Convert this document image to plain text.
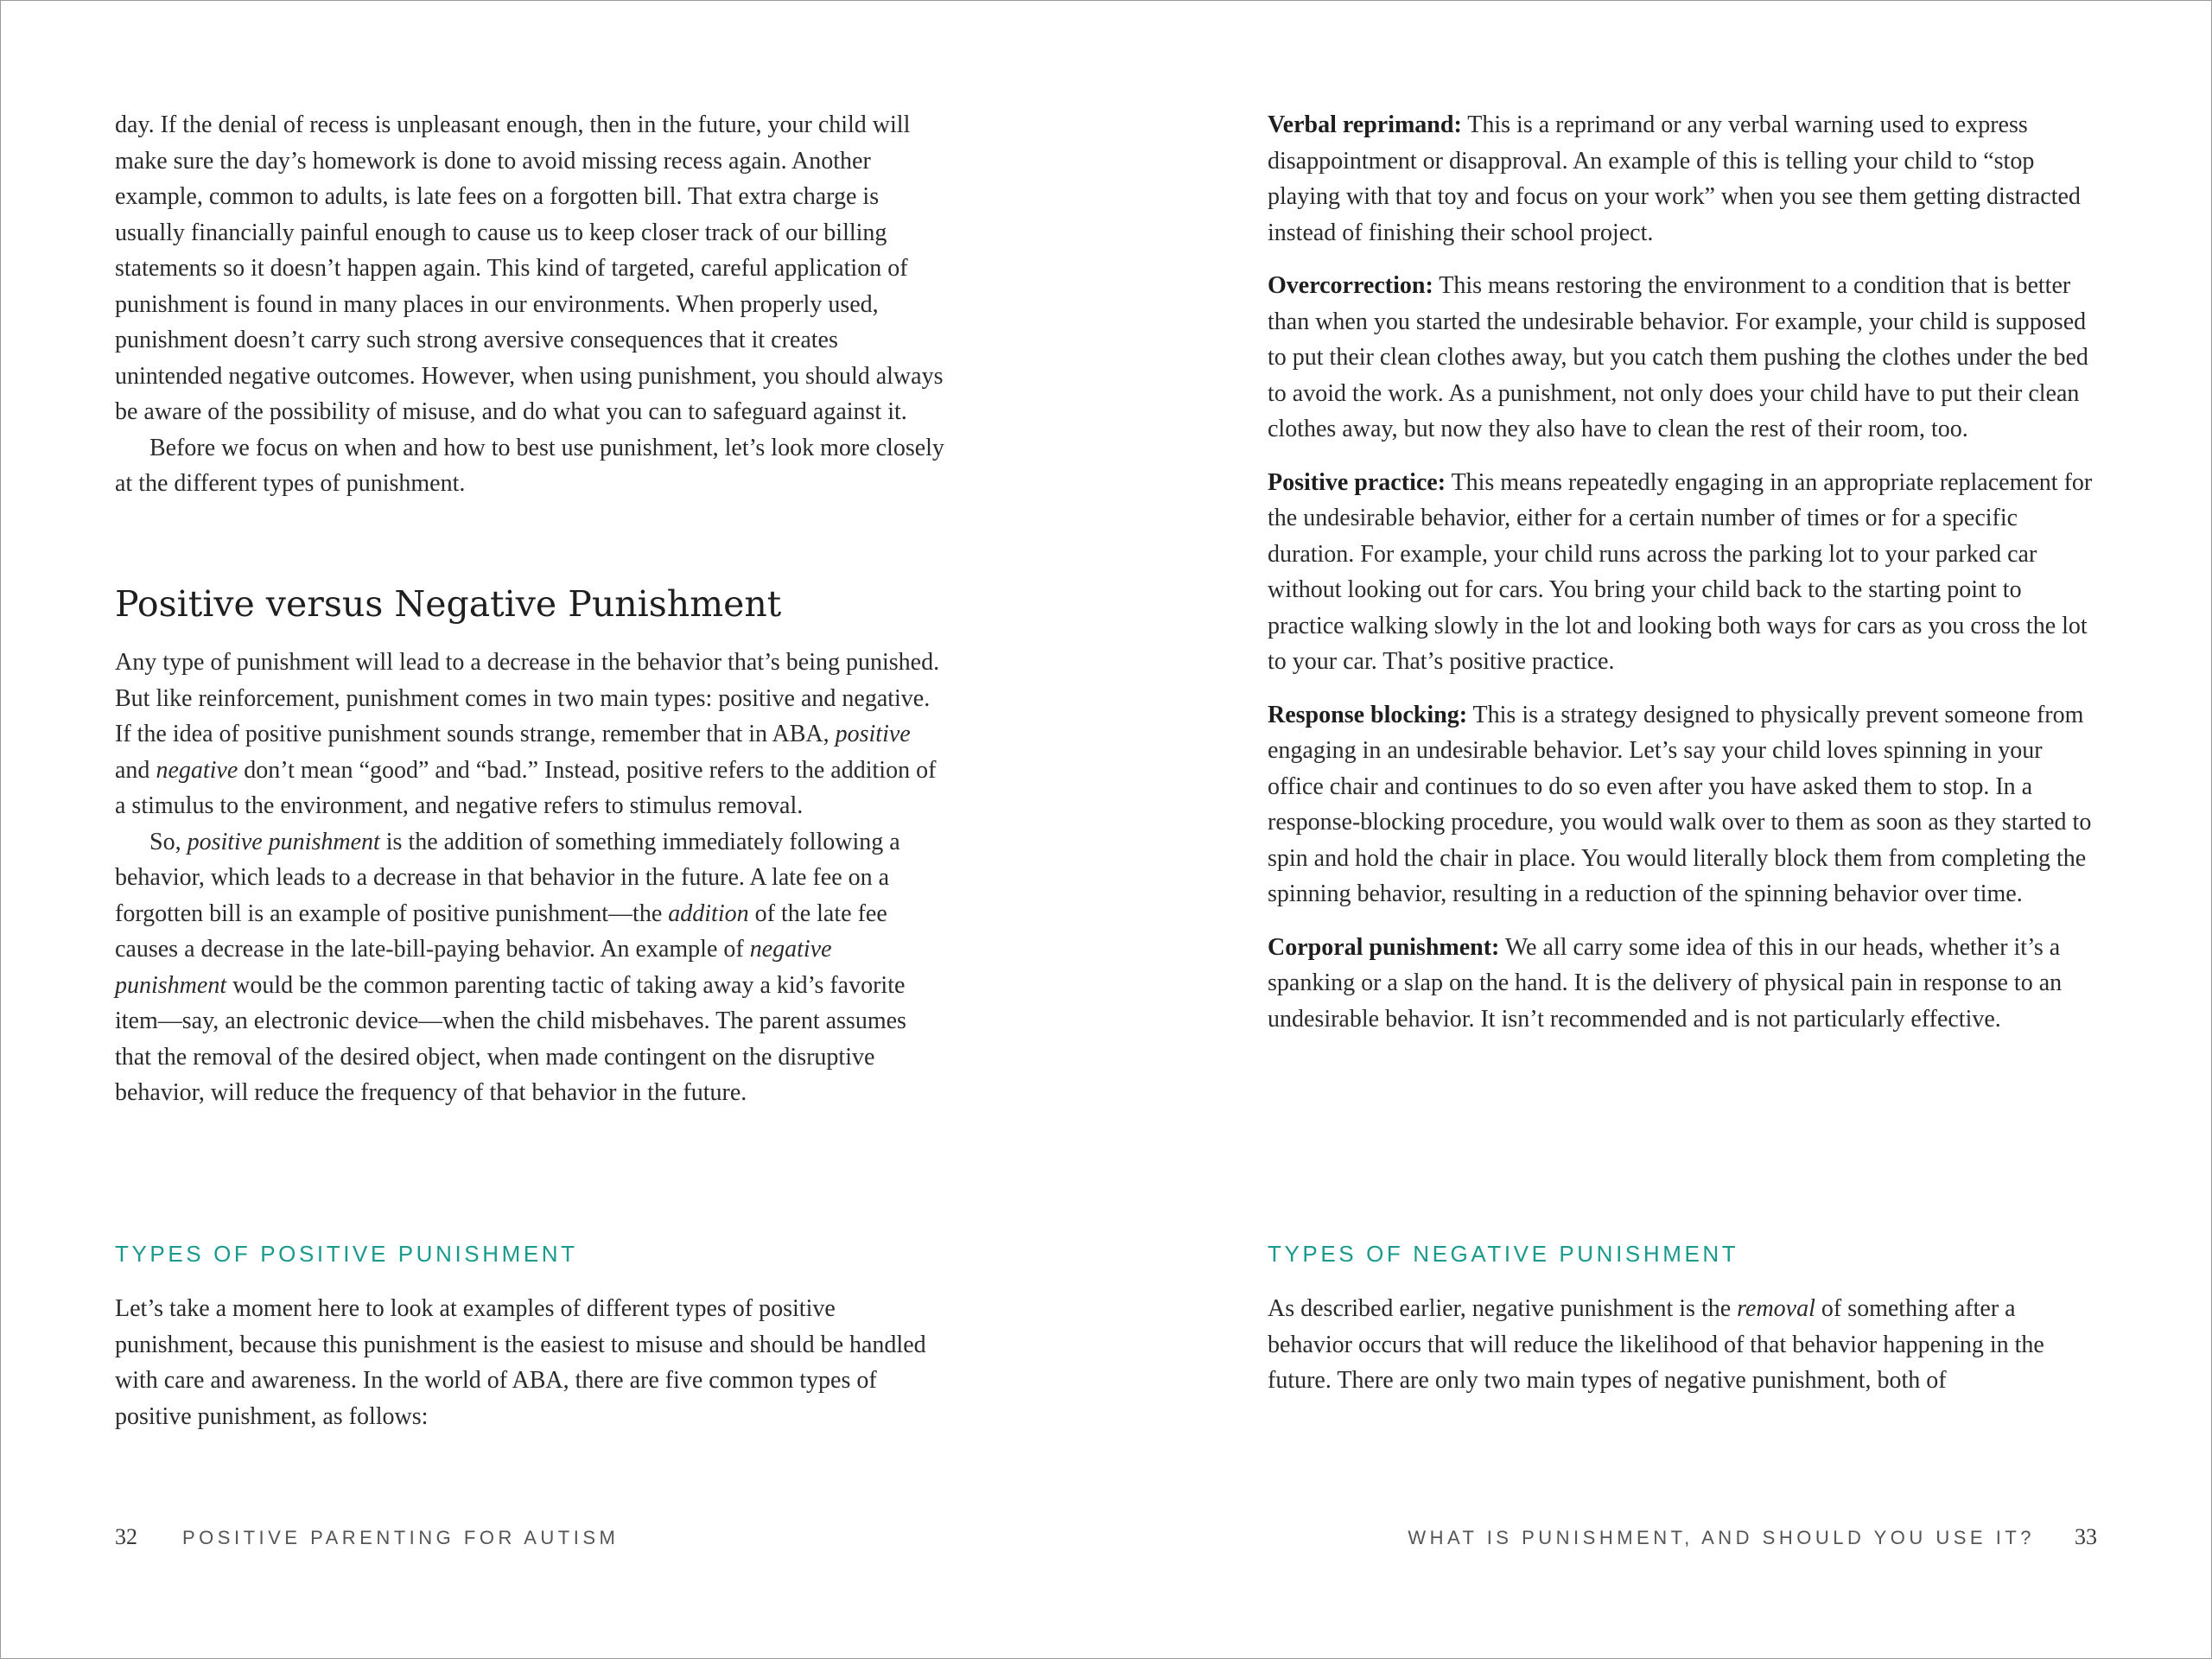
day. If the denial of recess is unpleasant enough, then in the future, your child will make sure the day’s homework is done to avoid missing recess again. Another example, common to adults, is late fees on a forgotten bill. That extra charge is usually financially painful enough to cause us to keep closer track of our billing statements so it doesn’t happen again. This kind of targeted, careful application of punishment is found in many places in our environments. When properly used, punishment doesn’t carry such strong aversive consequences that it creates unintended negative outcomes. However, when using punishment, you should always be aware of the possibility of misuse, and do what you can to safeguard against it.

Before we focus on when and how to best use punishment, let’s look more closely at the different types of punishment.

Positive versus Negative Punishment

Any type of punishment will lead to a decrease in the behavior that’s being punished. But like reinforcement, punishment comes in two main types: positive and negative. If the idea of positive punishment sounds strange, remember that in ABA, positive and negative don’t mean “good” and “bad.” Instead, positive refers to the addition of a stimulus to the environment, and negative refers to stimulus removal.

So, positive punishment is the addition of something immediately following a behavior, which leads to a decrease in that behavior in the future. A late fee on a forgotten bill is an example of positive punishment—the addition of the late fee causes a decrease in the late-bill-paying behavior. An example of negative punishment would be the common parenting tactic of taking away a kid’s favorite item—say, an electronic device—when the child misbehaves. The parent assumes that the removal of the desired object, when made contingent on the disruptive behavior, will reduce the frequency of that behavior in the future.

TYPES OF POSITIVE PUNISHMENT

Let’s take a moment here to look at examples of different types of positive punishment, because this punishment is the easiest to misuse and should be handled with care and awareness. In the world of ABA, there are five common types of positive punishment, as follows:

Verbal reprimand: This is a reprimand or any verbal warning used to express disappointment or disapproval. An example of this is telling your child to “stop playing with that toy and focus on your work” when you see them getting distracted instead of finishing their school project.

Overcorrection: This means restoring the environment to a condition that is better than when you started the undesirable behavior. For example, your child is supposed to put their clean clothes away, but you catch them pushing the clothes under the bed to avoid the work. As a punishment, not only does your child have to put their clean clothes away, but now they also have to clean the rest of their room, too.

Positive practice: This means repeatedly engaging in an appropriate replacement for the undesirable behavior, either for a certain number of times or for a specific duration. For example, your child runs across the parking lot to your parked car without looking out for cars. You bring your child back to the starting point to practice walking slowly in the lot and looking both ways for cars as you cross the lot to your car. That’s positive practice.

Response blocking: This is a strategy designed to physically prevent someone from engaging in an undesirable behavior. Let’s say your child loves spinning in your office chair and continues to do so even after you have asked them to stop. In a response-blocking procedure, you would walk over to them as soon as they started to spin and hold the chair in place. You would literally block them from completing the spinning behavior, resulting in a reduction of the spinning behavior over time.

Corporal punishment: We all carry some idea of this in our heads, whether it’s a spanking or a slap on the hand. It is the delivery of physical pain in response to an undesirable behavior. It isn’t recommended and is not particularly effective.

TYPES OF NEGATIVE PUNISHMENT

As described earlier, negative punishment is the removal of something after a behavior occurs that will reduce the likelihood of that behavior happening in the future. There are only two main types of negative punishment, both of

32 POSITIVE PARENTING FOR AUTISM	WHAT IS PUNISHMENT, AND SHOULD YOU USE IT? 33
